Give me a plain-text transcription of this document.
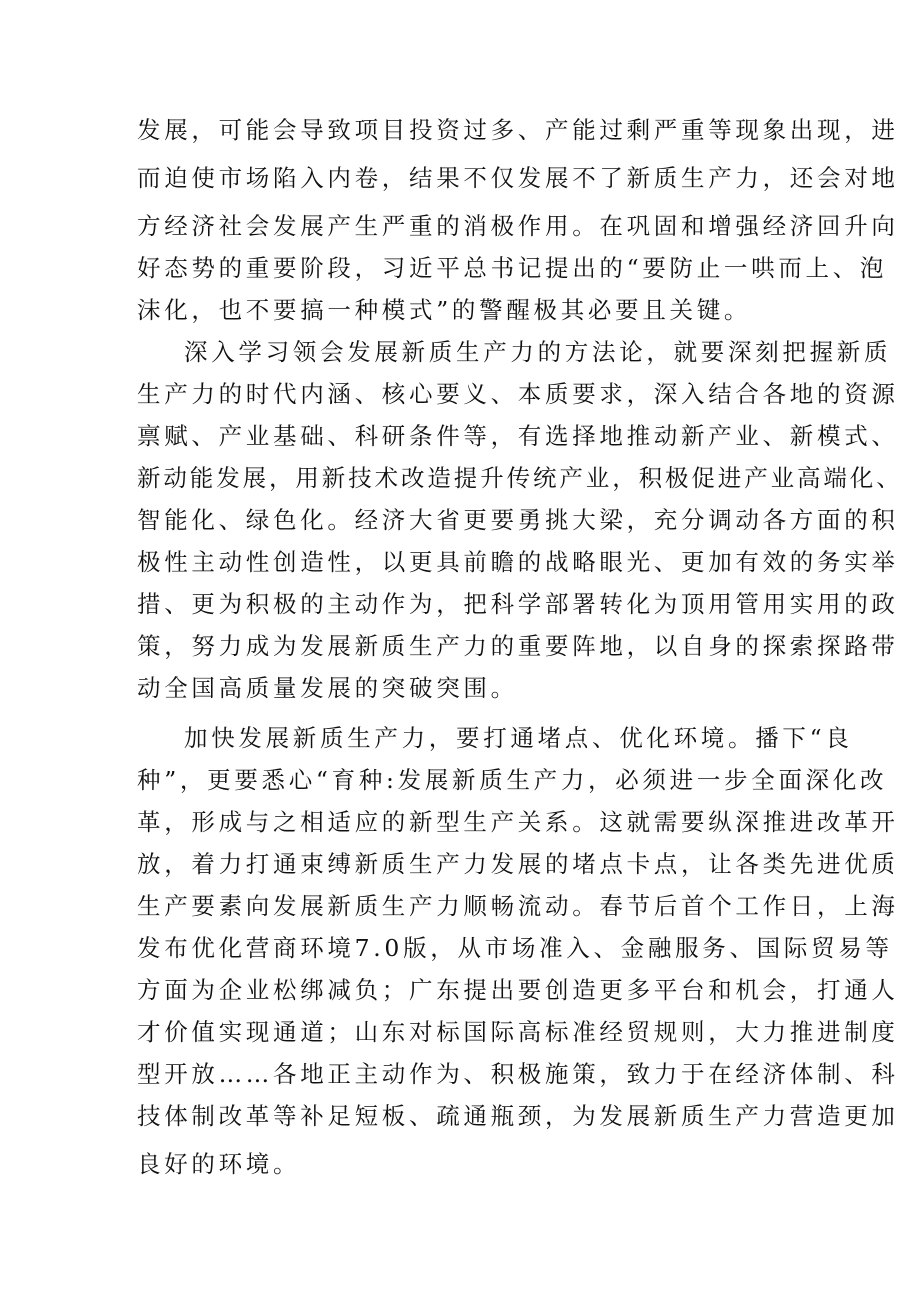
发展，可能会导致项目投资过多、产能过剩严重等现象出现，进
而迫使市场陷入内卷，结果不仅发展不了新质生产力，还会对地
方经济社会发展产生严重的消极作用。在巩固和增强经济回升向
好态势的重要阶段，习近平总书记提出的“要防止一哄而上、泡
沫化，也不要搞一种模式”的警醒极其必要且关键。
深入学习领会发展新质生产力的方法论，就要深刻把握新质
生产力的时代内涵、核心要义、本质要求，深入结合各地的资源
禀赋、产业基础、科研条件等，有选择地推动新产业、新模式、
新动能发展，用新技术改造提升传统产业，积极促进产业高端化、
智能化、绿色化。经济大省更要勇挑大梁，充分调动各方面的积
极性主动性创造性，以更具前瞻的战略眼光、更加有效的务实举
措、更为积极的主动作为，把科学部署转化为顶用管用实用的政
策，努力成为发展新质生产力的重要阵地，以自身的探索探路带
动全国高质量发展的突破突围。
加快发展新质生产力，要打通堵点、优化环境。播下“良
种”，更要悉心“育种:发展新质生产力，必须进一步全面深化改
革，形成与之相适应的新型生产关系。这就需要纵深推进改革开
放，着力打通束缚新质生产力发展的堵点卡点，让各类先进优质
生产要素向发展新质生产力顺畅流动。春节后首个工作日，上海
发布优化营商环境7.0版，从市场准入、金融服务、国际贸易等
方面为企业松绑减负；广东提出要创造更多平台和机会，打通人
才价值实现通道；山东对标国际高标准经贸规则，大力推进制度
型开放……各地正主动作为、积极施策，致力于在经济体制、科
技体制改革等补足短板、疏通瓶颈，为发展新质生产力营造更加
良好的环境。
